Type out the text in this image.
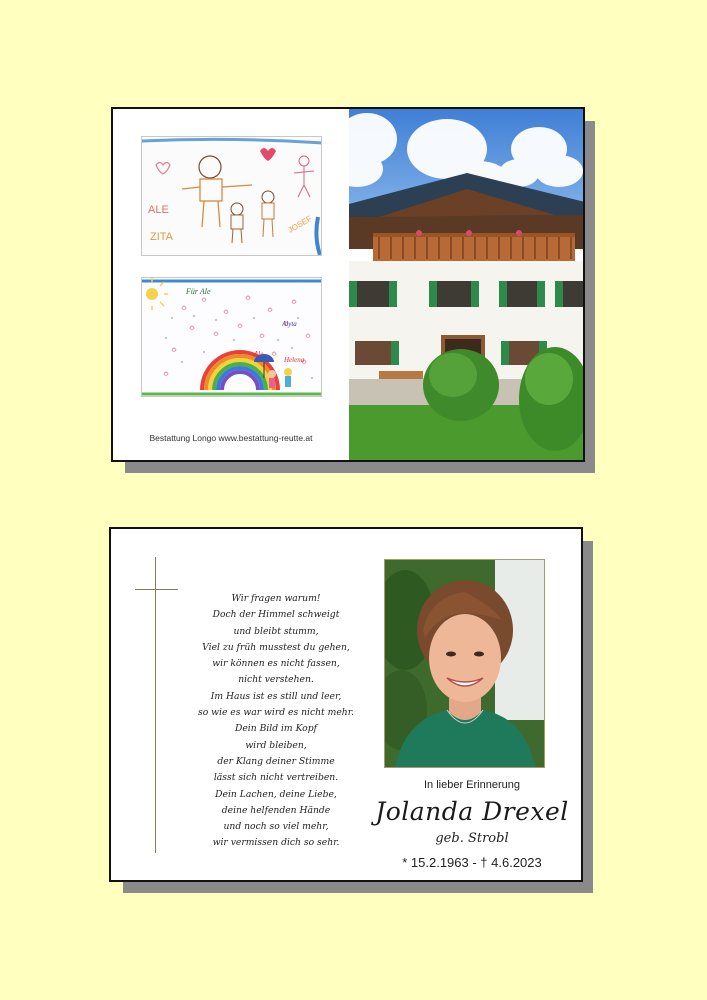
ALE
ZITA
JOSEF
Für Ale
Alyta
Ale
Helena
Bestattung Longo www.bestattung-reutte.at
Wir fragen warum!
Doch der Himmel schweigt
und bleibt stumm,
Viel zu früh musstest du gehen,
wir können es nicht fassen,
nicht verstehen.
Im Haus ist es still und leer,
so wie es war wird es nicht mehr.
Dein Bild im Kopf
wird bleiben,
der Klang deiner Stimme
lässt sich nicht vertreiben.
Dein Lachen, deine Liebe,
deine helfenden Hände
und noch so viel mehr,
wir vermissen dich so sehr.
In lieber Erinnerung
Jolanda Drexel
geb. Strobl
* 15.2.1963 - † 4.6.2023
